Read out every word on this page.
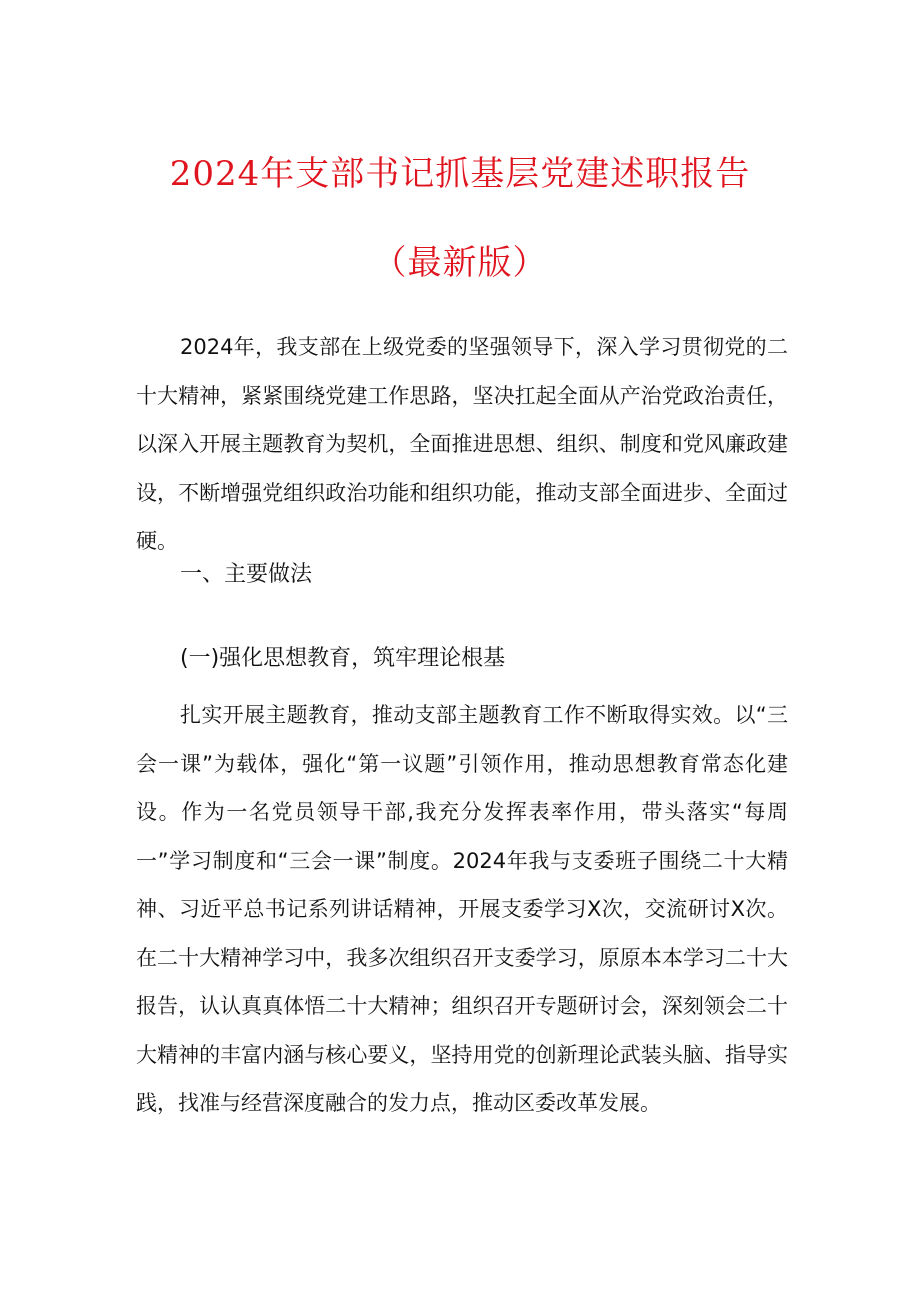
2024年支部书记抓基层党建述职报告
（最新版）

2024年，我支部在上级党委的坚强领导下，深入学习贯彻党的二十大精神，紧紧围绕党建工作思路，坚决扛起全面从产治党政治责任，以深入开展主题教育为契机，全面推进思想、组织、制度和党风廉政建设，不断增强党组织政治功能和组织功能，推动支部全面进步、全面过硬。

一、主要做法
(一)强化思想教育，筑牢理论根基

扎实开展主题教育，推动支部主题教育工作不断取得实效。以“三会一课”为载体，强化“第一议题”引领作用，推动思想教育常态化建设。作为一名党员领导干部,我充分发挥表率作用，带头落实“每周一”学习制度和“三会一课”制度。2024年我与支委班子围绕二十大精神、习近平总书记系列讲话精神，开展支委学习X次，交流研讨X次。在二十大精神学习中，我多次组织召开支委学习，原原本本学习二十大报告，认认真真体悟二十大精神；组织召开专题研讨会，深刻领会二十大精神的丰富内涵与核心要义，坚持用党的创新理论武装头脑、指导实践，找准与经营深度融合的发力点，推动区委改革发展。
